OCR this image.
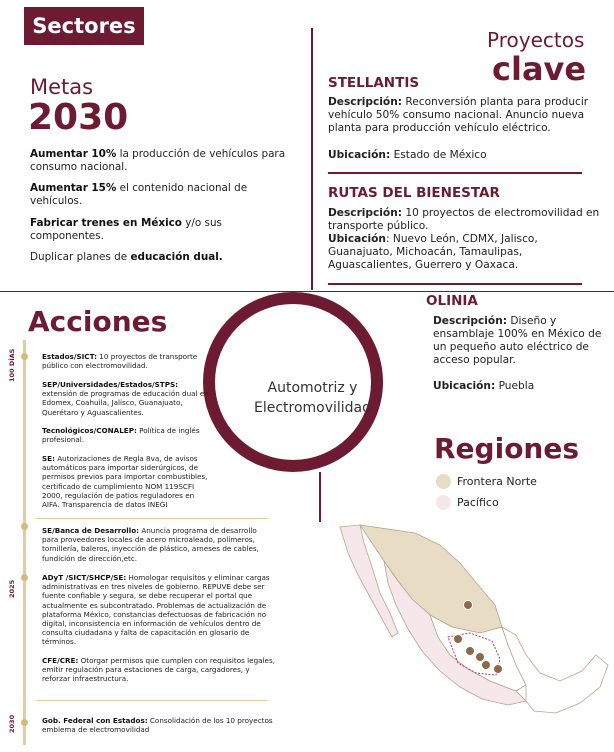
Sectores
Metas
2030
Aumentar 10% la producción de vehículos para consumo nacional.
Aumentar 15% el contenido nacional de vehículos.
Fabricar trenes en México y/o sus componentes.
Duplicar planes de educación dual.
Proyectos
clave
STELLANTIS
Descripción: Reconversión planta para producir vehículo 50% consumo nacional. Anuncio nueva planta para producción vehículo eléctrico.
Ubicación: Estado de México
RUTAS DEL BIENESTAR
Descripción: 10 proyectos de electromovilidad en transporte público.
Ubicación: Nuevo León, CDMX, Jalisco, Guanajuato, Michoacán, Tamaulipas, Aguascalientes, Guerrero y Oaxaca.
OLINIA
Descripción: Diseño y ensamblaje 100% en México de un pequeño auto eléctrico de acceso popular.
Ubicación: Puebla
Automotriz y Electromovilidad
Acciones
100 DÍAS
2025
2030
Estados/SICT: 10 proyectos de transporte público con electromovilidad.
SEP/Universidades/Estados/STPS: extensión de programas de educación dual en Edomex, Coahuila, Jalisco, Guanajuato, Querétaro y Aguascalientes.
Tecnológicos/CONALEP: Política de inglés profesional.
SE: Autorizaciones de Regla 8va, de avisos automáticos para importar siderúrgicos, de permisos previos para importar combustibles, certificado de cumplimiento NOM 119SCFI 2000, regulación de patios reguladores en AIFA. Transparencia de datos INEGI
SE/Banca de Desarrollo: Anuncia programa de desarrollo para proveedores locales de acero microaleado, polímeros, tornillería, baleros, inyección de plástico, arneses de cables, fundición de dirección,etc.
ADyT /SICT/SHCP/SE: Homologar requisitos y eliminar cargas administrativas en tres niveles de gobierno. REPUVE debe ser fuente confiable y segura, se debe recuperar el portal que actualmente es subcontratado. Problemas de actualización de plataforma México, constancias defectuosas de fabricación no digital, inconsistencia en información de vehículos dentro de consulta ciudadana y falta de capacitación en glosario de términos.
CFE/CRE: Otorgar permisos que cumplen con requisitos legales, emitir regulación para estaciones de carga, cargadores, y reforzar infraestructura.
Gob. Federal con Estados: Consolidación de los 10 proyectos emblema de electromovilidad
Regiones
Frontera Norte
Pacífico
